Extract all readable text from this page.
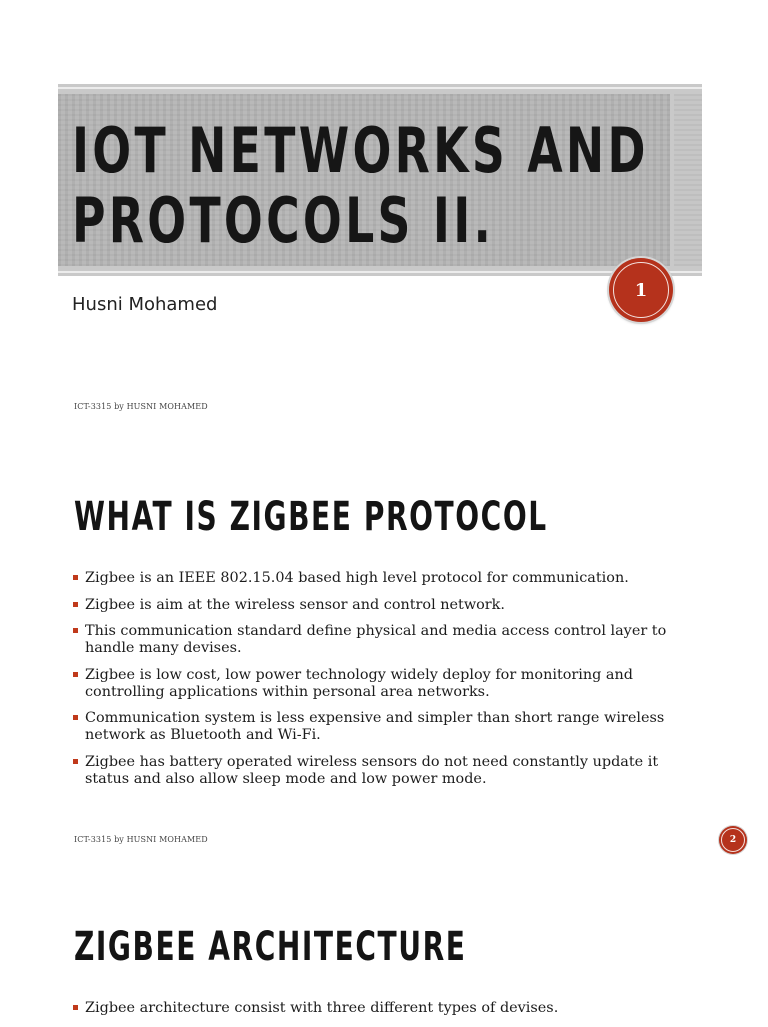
IOT NETWORKS AND
PROTOCOLS II.
Husni Mohamed
1
ICT-3315 by HUSNI MOHAMED
WHAT IS ZIGBEE PROTOCOL
Zigbee is an IEEE 802.15.04 based high level protocol for communication.
Zigbee is aim at the wireless sensor and control network.
This communication standard define physical and media access control layer to handle many devises.
Zigbee is low cost, low power technology widely deploy for monitoring and controlling applications within personal area networks.
Communication system is less expensive and simpler than short range wireless network as Bluetooth and Wi-Fi.
Zigbee has battery operated wireless sensors do not need constantly update it status and also allow sleep mode and low power mode.
ICT-3315 by HUSNI MOHAMED	2
ZIGBEE ARCHITECTURE
Zigbee architecture consist with three different types of devises.
